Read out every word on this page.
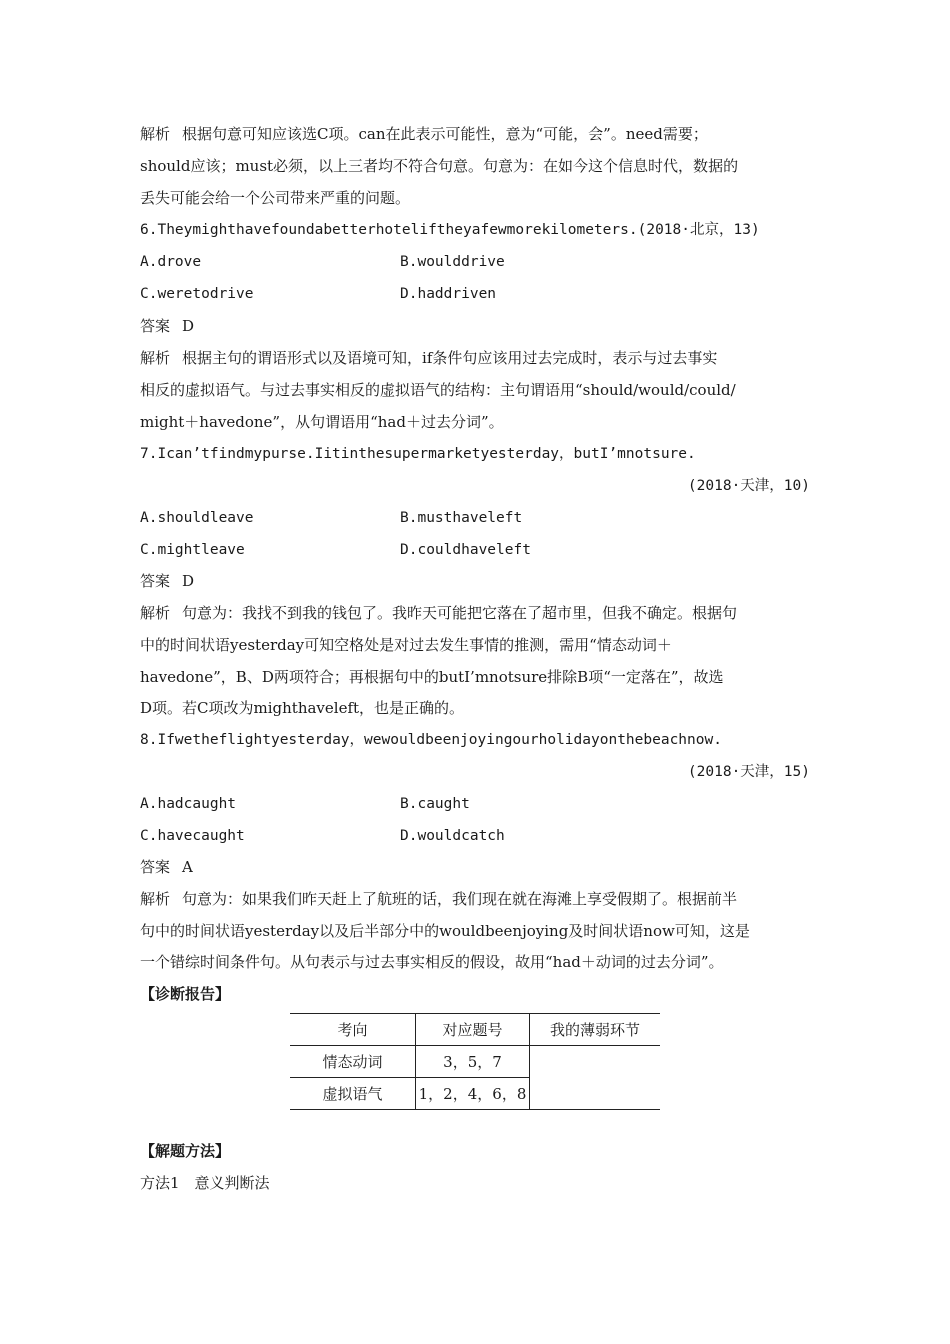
解析 根据句意可知应该选C项。can在此表示可能性，意为“可能，会”。need需要；
should应该；must必须，以上三者均不符合句意。句意为：在如今这个信息时代，数据的
丢失可能会给一个公司带来严重的问题。
6.Theymighthavefoundabetterhoteliftheyafewmorekilometers.(2018·北京，13)
A.drove	B.woulddrive
C.weretodrive	D.haddriven
答案 D
解析 根据主句的谓语形式以及语境可知，if条件句应该用过去完成时，表示与过去事实
相反的虚拟语气。与过去事实相反的虚拟语气的结构：主句谓语用“should/would/could/
might＋havedone”，从句谓语用“had＋过去分词”。
7.Ican’tfindmypurse.Iitinthesupermarketyesterday，butI’mnotsure.
(2018·天津，10)
A.shouldleave	B.musthaveleft
C.mightleave	D.couldhaveleft
答案 D
解析 句意为：我找不到我的钱包了。我昨天可能把它落在了超市里，但我不确定。根据句
中的时间状语yesterday可知空格处是对过去发生事情的推测，需用“情态动词＋
havedone”，B、D两项符合；再根据句中的butI’mnotsure排除B项“一定落在”，故选
D项。若C项改为mighthaveleft，也是正确的。
8.Ifwetheflightyesterday，wewouldbeenjoyingourholidayonthebeachnow.
(2018·天津，15)
A.hadcaught	B.caught
C.havecaught	D.wouldcatch
答案 A
解析 句意为：如果我们昨天赶上了航班的话，我们现在就在海滩上享受假期了。根据前半
句中的时间状语yesterday以及后半部分中的wouldbeenjoying及时间状语now可知，这是
一个错综时间条件句。从句表示与过去事实相反的假设，故用“had＋动词的过去分词”。
【诊断报告】
考向	对应题号	我的薄弱环节
情态动词	3，5，7	
虚拟语气	1，2，4，6，8	
【解题方法】
方法1　意义判断法
